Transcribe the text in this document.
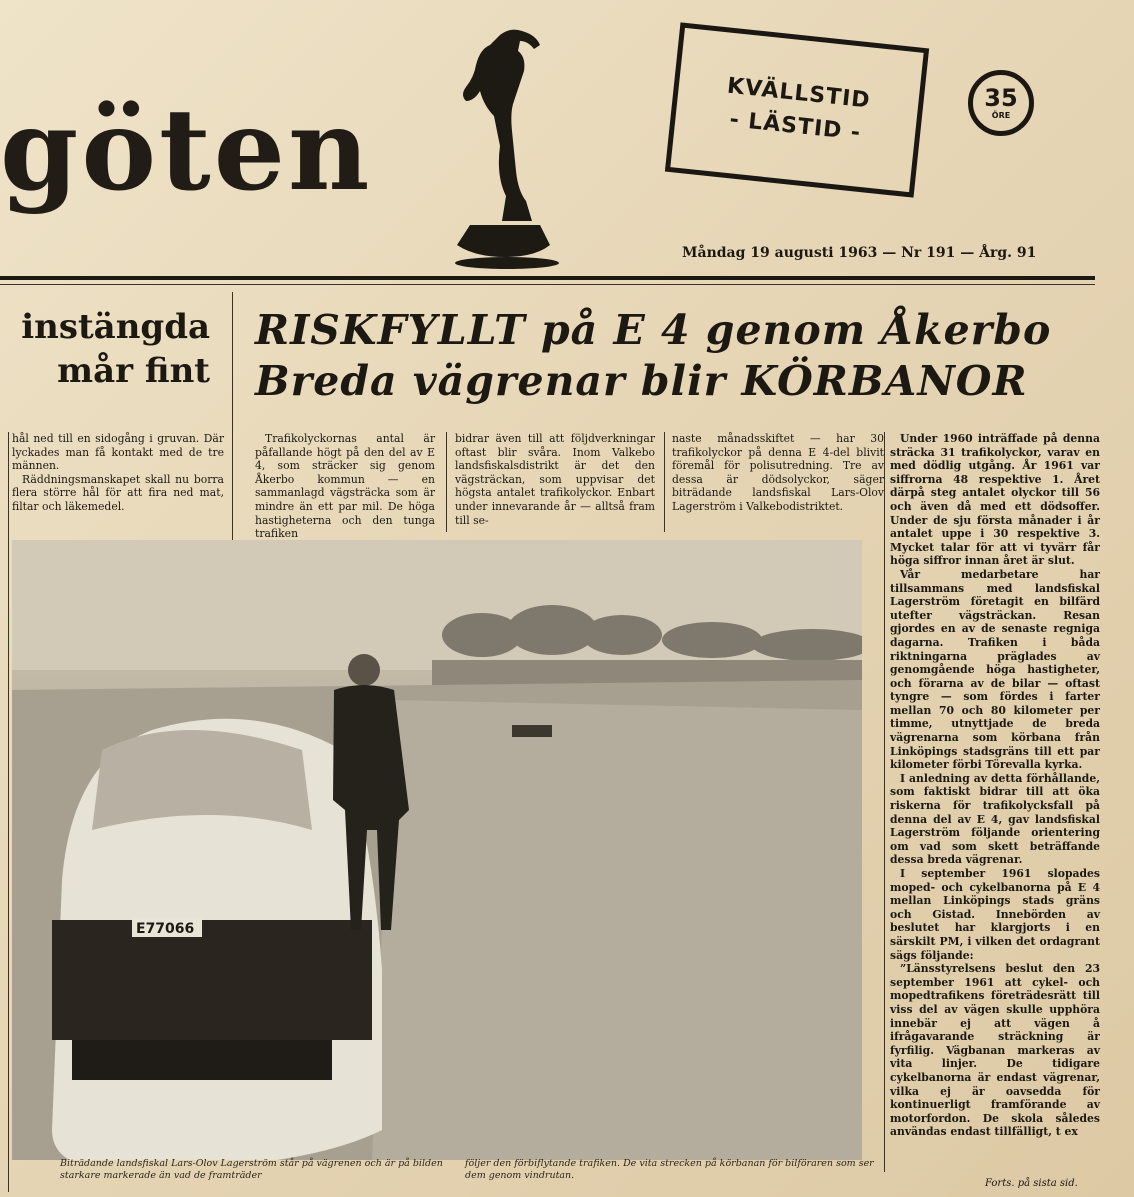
göten	KVÄLLSTID
- LÄSTID -
35
ÖRE
Måndag 19 augusti 1963 — Nr 191 — Årg. 91
instängda
mår fint

hål ned till en sidogång i gruvan. Där lyckades man få kontakt med de tre männen.

Räddningsmanskapet skall nu borra flera större hål för att fira ned mat, filtar och läkemedel.

RISKFYLLT på E 4 genom Åkerbo
Breda vägrenar blir KÖRBANOR

Trafikolyckornas antal är påfallande högt på den del av E 4, som sträcker sig genom Åkerbo kommun — en sammanlagd vägsträcka som är mindre än ett par mil. De höga hastigheterna och den tunga trafiken

bidrar även till att följdverkningar oftast blir svåra. Inom Valkebo landsfiskalsdistrikt är det den vägsträckan, som uppvisar det högsta antalet trafikolyckor. Enbart under innevarande år — alltså fram till se-

naste månadsskiftet — har 30 trafikolyckor på denna E 4-del blivit föremål för polisutredning. Tre av dessa är dödsolyckor, säger biträdande landsfiskal Lars-Olov Lagerström i Valkebodistriktet.

Under 1960 inträffade på denna sträcka 31 trafikolyckor, varav en med dödlig utgång. År 1961 var siffrorna 48 respektive 1. Året därpå steg antalet olyckor till 56 och även då med ett dödsoffer. Under de sju första månader i år antalet uppe i 30 respektive 3. Mycket talar för att vi tyvärr får höga siffror innan året är slut.

Vår medarbetare har tillsammans med landsfiskal Lagerström företagit en bilfärd utefter vägsträckan. Resan gjordes en av de senaste regniga dagarna. Trafiken i båda riktningarna präglades av genomgående höga hastigheter, och förarna av de bilar — oftast tyngre — som fördes i farter mellan 70 och 80 kilometer per timme, utnyttjade de breda vägrenarna som körbana från Linköpings stadsgräns till ett par kilometer förbi Törevalla kyrka.

I anledning av detta förhållande, som faktiskt bidrar till att öka riskerna för trafikolycksfall på denna del av E 4, gav landsfiskal Lagerström följande orientering om vad som skett beträffande dessa breda vägrenar.

I september 1961 slopades moped- och cykelbanorna på E 4 mellan Linköpings stads gräns och Gistad. Innebörden av beslutet har klargjorts i en särskilt PM, i vilken det ordagrant sägs följande:

”Länsstyrelsens beslut den 23 september 1961 att cykel- och mopedtrafikens företrädesrätt till viss del av vägen skulle upphöra innebär ej att vägen å ifrågavarande sträckning är fyrfilig. Vägbanan markeras av vita linjer. De tidigare cykelbanorna är endast vägrenar, vilka ej är oavsedda för kontinuerligt framförande av motorfordon. De skola således användas endast tillfälligt, t ex

E77066
Biträdande landsfiskal Lars-Olov Lagerström står på vägrenen och är på bilden starkare markerade än vad de framträder
följer den förbiflytande trafiken. De vita strecken på körbanan för bilföraren som ser dem genom vindrutan.
Forts. på sista sid.
